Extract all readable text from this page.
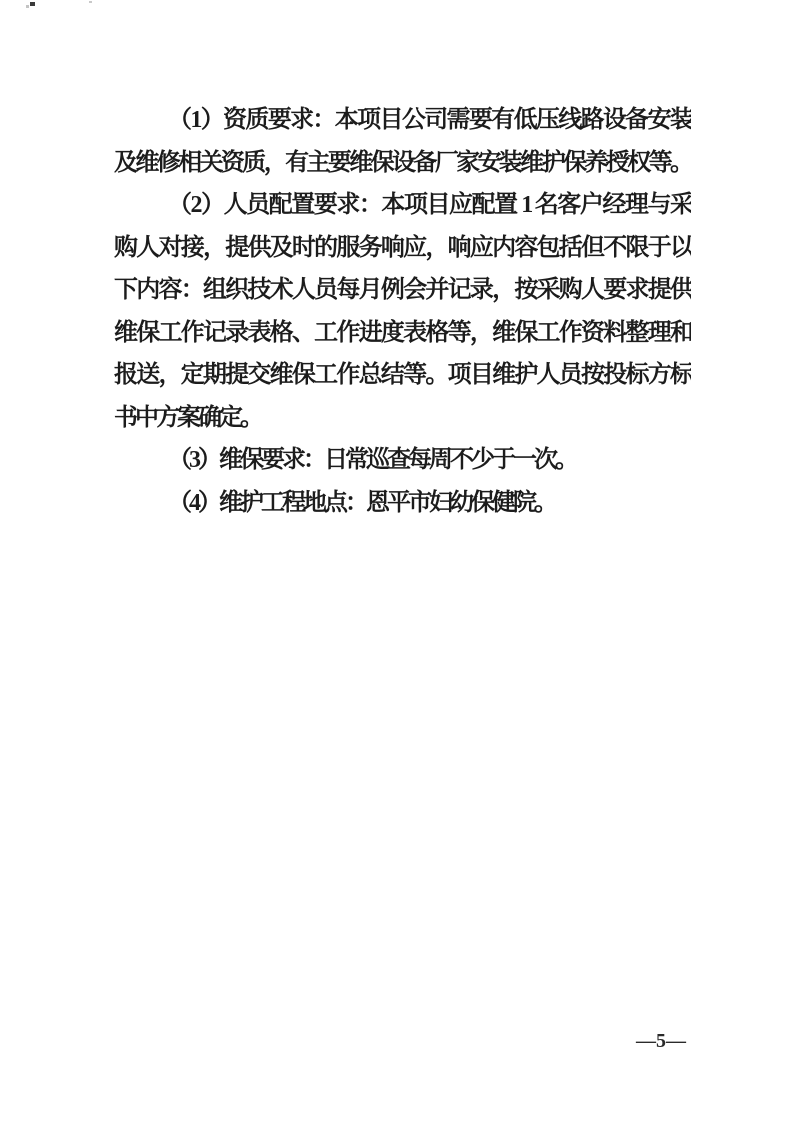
（1）资质要求：本项目公司需要有低压线路设备安装
及维修相关资质，有主要维保设备厂家安装维护保养授权等。
（2）人员配置要求：本项目应配置 1 名客户经理与采
购人对接，提供及时的服务响应，响应内容包括但不限于以
下内容：组织技术人员每月例会并记录，按采购人要求提供
维保工作记录表格、工作进度表格等，维保工作资料整理和
报送，定期提交维保工作总结等。项目维护人员按投标方标
书中方案确定。
（3）维保要求：日常巡查每周不少于一次。
（4）维护工程地点：恩平市妇幼保健院。
—5—
